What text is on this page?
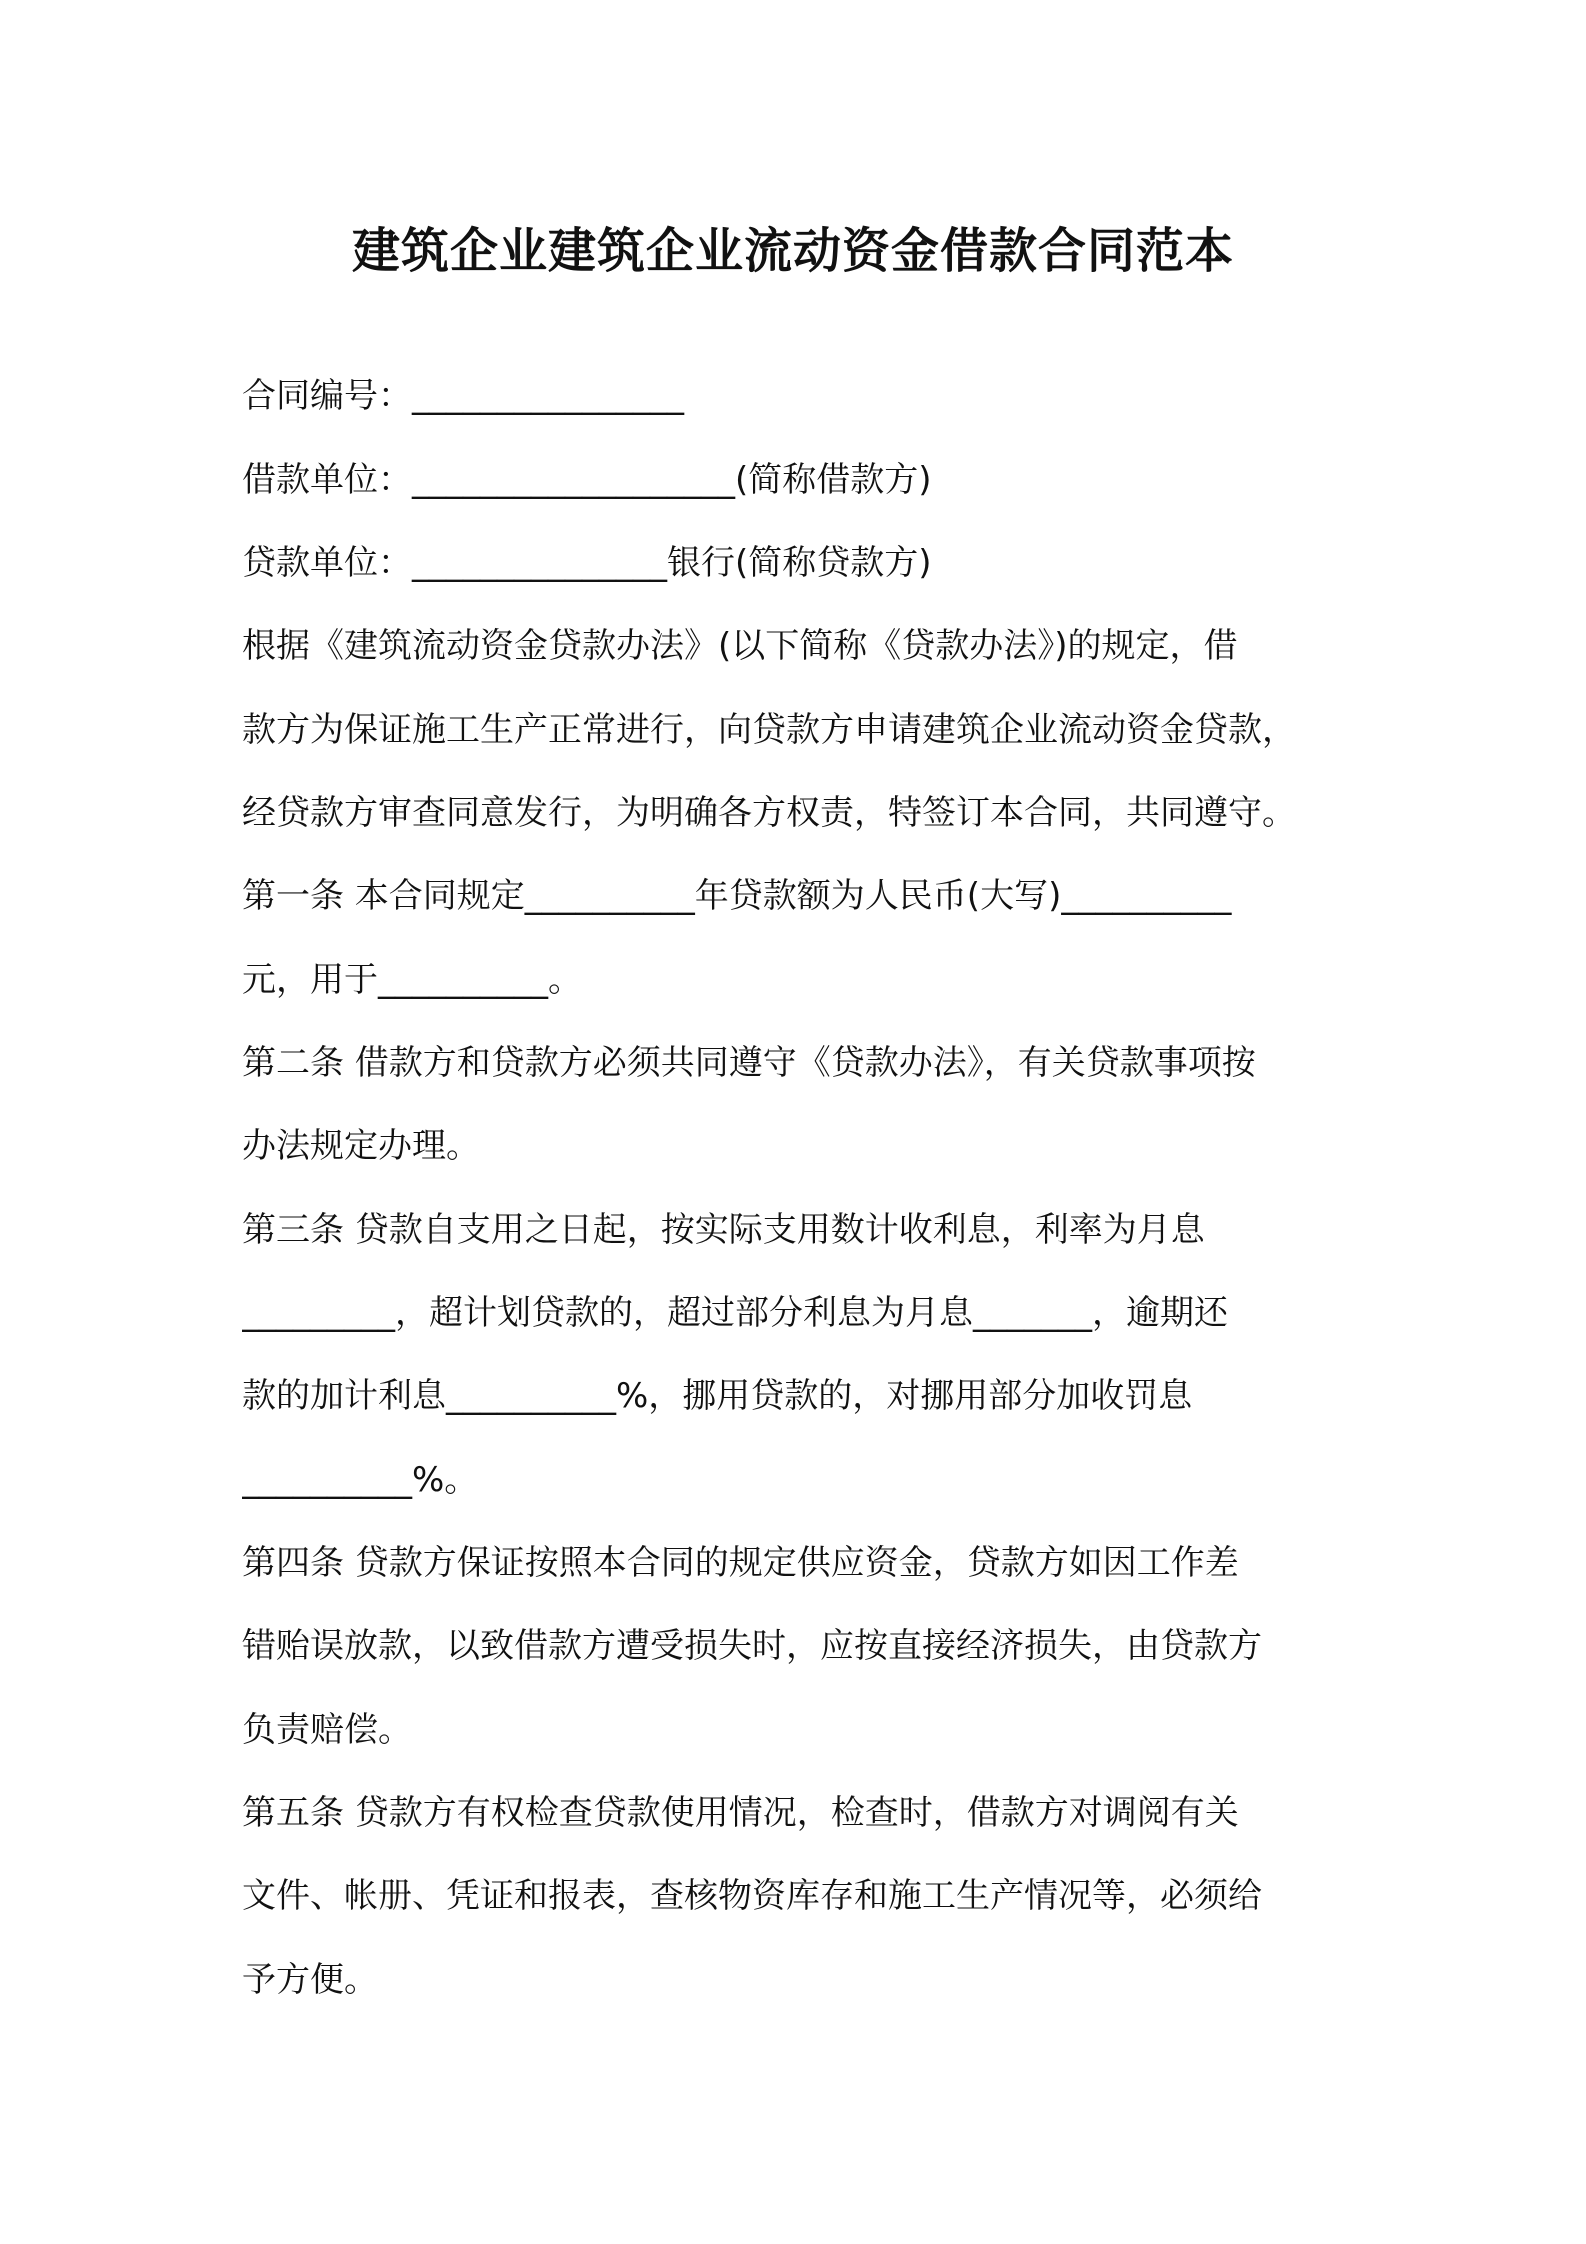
建筑企业建筑企业流动资金借款合同范本
合同编号：________________
借款单位：___________________(简称借款方)
贷款单位：_______________银行(简称贷款方)
根据《建筑流动资金贷款办法》(以下简称《贷款办法》)的规定，借
款方为保证施工生产正常进行，向贷款方申请建筑企业流动资金贷款，
经贷款方审查同意发行，为明确各方权责，特签订本合同，共同遵守。
第一条 本合同规定__________年贷款额为人民币(大写)__________
元，用于__________。
第二条 借款方和贷款方必须共同遵守《贷款办法》，有关贷款事项按
办法规定办理。
第三条 贷款自支用之日起，按实际支用数计收利息，利率为月息
_________，超计划贷款的，超过部分利息为月息_______，逾期还
款的加计利息__________%，挪用贷款的，对挪用部分加收罚息
__________%。
第四条 贷款方保证按照本合同的规定供应资金，贷款方如因工作差
错贻误放款，以致借款方遭受损失时，应按直接经济损失，由贷款方
负责赔偿。
第五条 贷款方有权检查贷款使用情况，检查时，借款方对调阅有关
文件、帐册、凭证和报表，查核物资库存和施工生产情况等，必须给
予方便。
